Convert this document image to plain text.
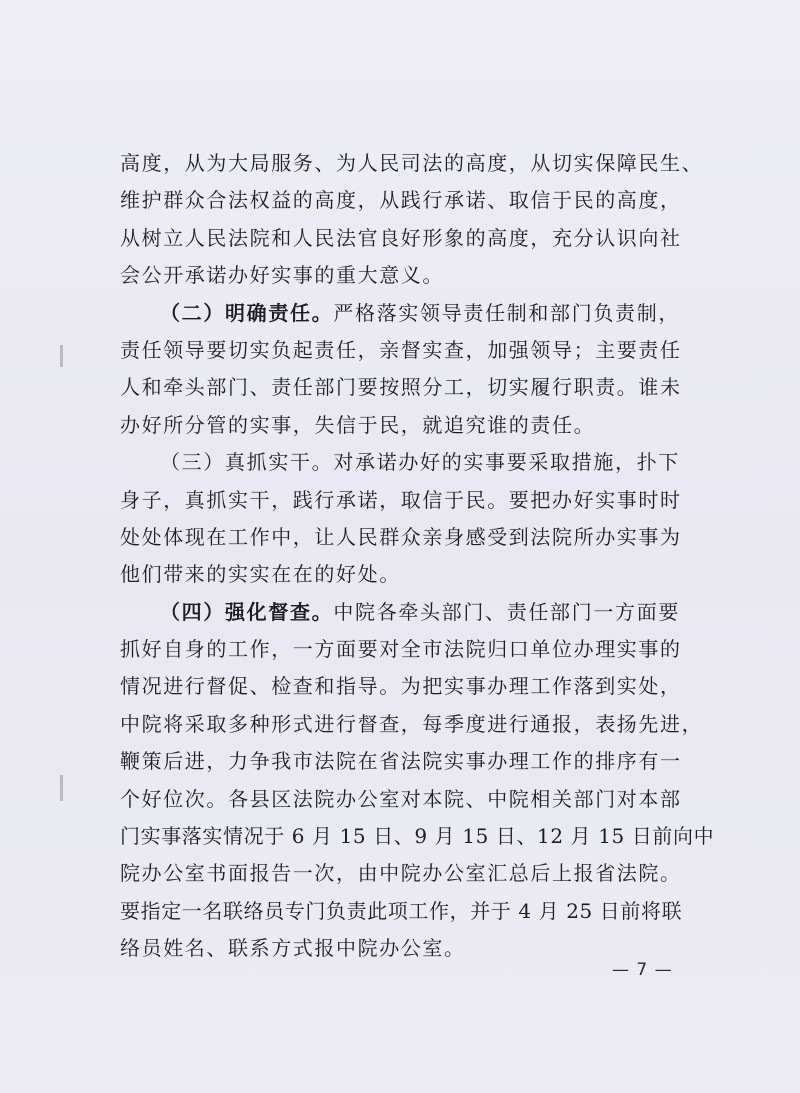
高度，从为大局服务、为人民司法的高度，从切实保障民生、
维护群众合法权益的高度，从践行承诺、取信于民的高度，
从树立人民法院和人民法官良好形象的高度，充分认识向社
会公开承诺办好实事的重大意义。
（二）明确责任。严格落实领导责任制和部门负责制，
责任领导要切实负起责任，亲督实查，加强领导；主要责任
人和牵头部门、责任部门要按照分工，切实履行职责。谁未
办好所分管的实事，失信于民，就追究谁的责任。
（三）真抓实干。对承诺办好的实事要采取措施，扑下
身子，真抓实干，践行承诺，取信于民。要把办好实事时时
处处体现在工作中，让人民群众亲身感受到法院所办实事为
他们带来的实实在在的好处。
（四）强化督查。中院各牵头部门、责任部门一方面要
抓好自身的工作，一方面要对全市法院归口单位办理实事的
情况进行督促、检查和指导。为把实事办理工作落到实处，
中院将采取多种形式进行督查，每季度进行通报，表扬先进，
鞭策后进，力争我市法院在省法院实事办理工作的排序有一
个好位次。各县区法院办公室对本院、中院相关部门对本部
门实事落实情况于 6 月 15 日、9 月 15 日、12 月 15 日前向中
院办公室书面报告一次，由中院办公室汇总后上报省法院。
要指定一名联络员专门负责此项工作，并于 4 月 25 日前将联
络员姓名、联系方式报中院办公室。
— 7 —
